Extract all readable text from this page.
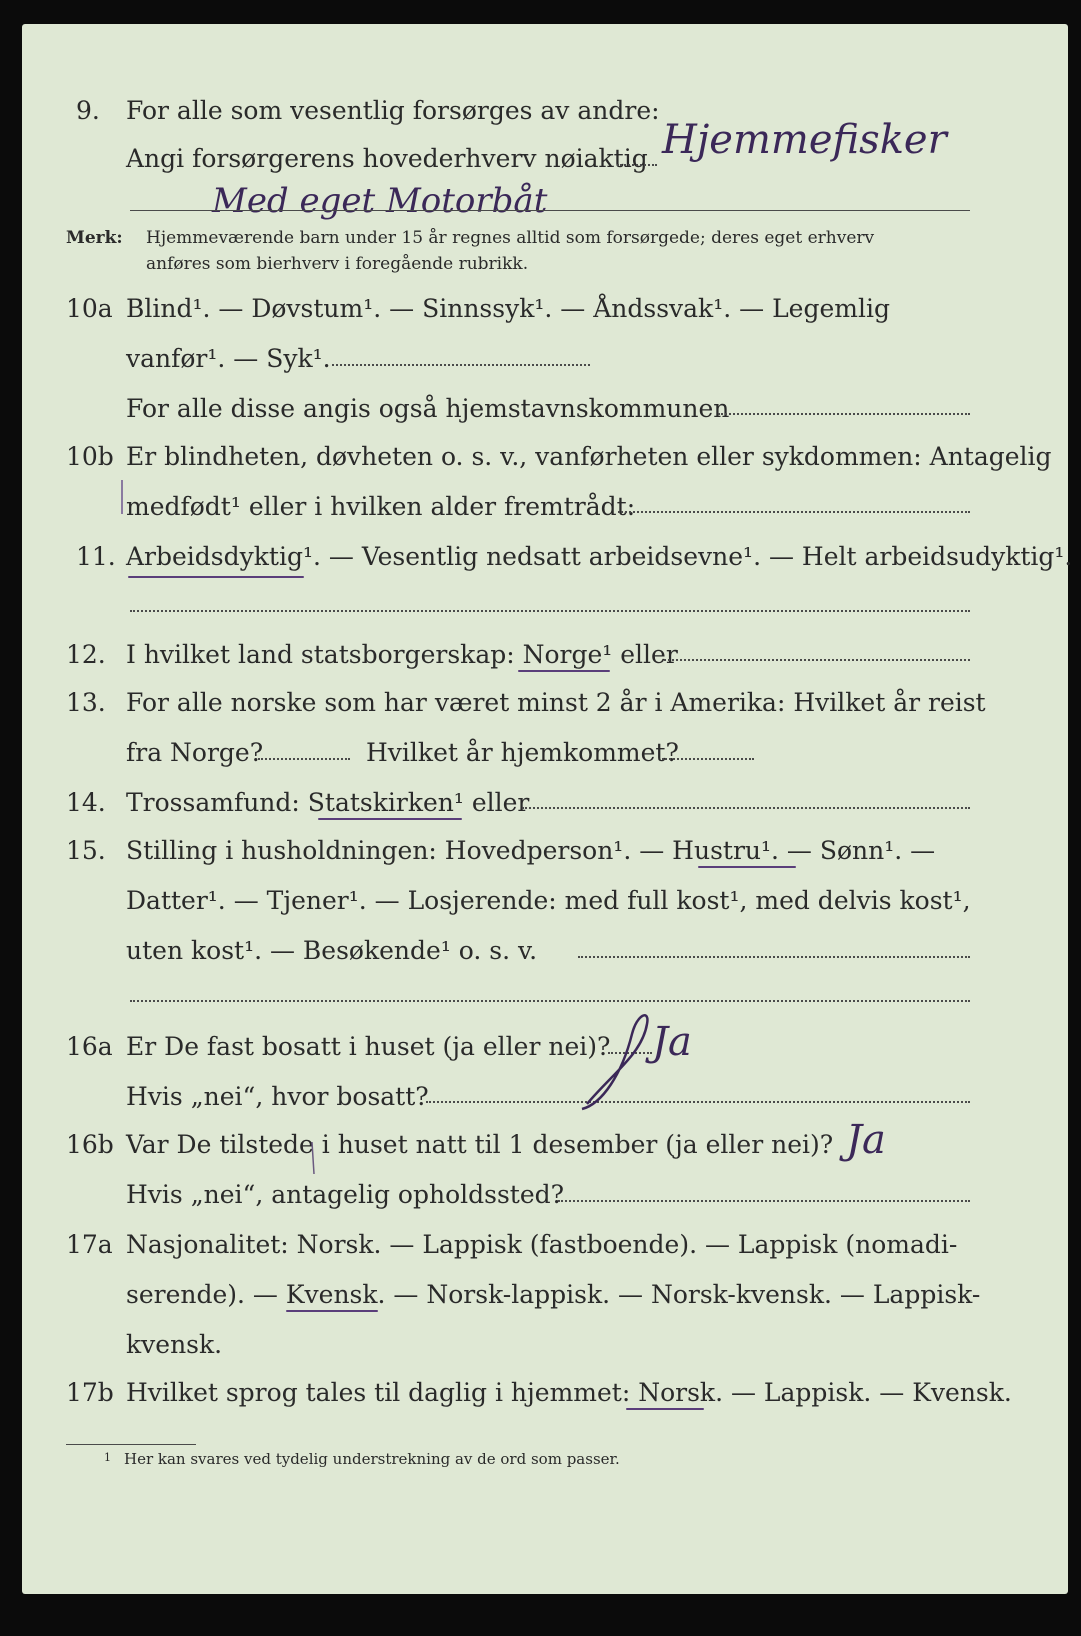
9. For alle som vesentlig forsørges av andre:
Angi forsørgerens hovederhverv nøiaktig Hjemmefisker
Med eget Motorbåt
Merk: Hjemmeværende barn under 15 år regnes alltid som forsørgede; deres eget erhverv
anføres som bierhverv i foregående rubrikk.
10a Blind¹. — Døvstum¹. — Sinnssyk¹. — Åndssvak¹. — Legemlig
vanfør¹. — Syk¹.
For alle disse angis også hjemstavnskommunen
10b Er blindheten, døvheten o. s. v., vanførheten eller sykdommen: Antagelig
medfødt¹ eller i hvilken alder fremtrådt:
11. Arbeidsdyktig¹. — Vesentlig nedsatt arbeidsevne¹. — Helt arbeidsudyktig¹.
12. I hvilket land statsborgerskap: Norge¹ eller
13. For alle norske som har været minst 2 år i Amerika: Hvilket år reist
fra Norge?	Hvilket år hjemkommet?
14. Trossamfund: Statskirken¹ eller
15. Stilling i husholdningen: Hovedperson¹. — Hustru¹. — Sønn¹. —
Datter¹. — Tjener¹. — Losjerende: med full kost¹, med delvis kost¹,
uten kost¹. — Besøkende¹ o. s. v.
16a Er De fast bosatt i huset (ja eller nei)? Ja
Hvis „nei“, hvor bosatt?
16b Var De tilstede i huset natt til 1 desember (ja eller nei)? Ja
Hvis „nei“, antagelig opholdssted?
17a Nasjonalitet: Norsk. — Lappisk (fastboende). — Lappisk (nomadi-
serende). — Kvensk. — Norsk-lappisk. — Norsk-kvensk. — Lappisk-
kvensk.
17b Hvilket sprog tales til daglig i hjemmet: Norsk. — Lappisk. — Kvensk.
1 Her kan svares ved tydelig understrekning av de ord som passer.
